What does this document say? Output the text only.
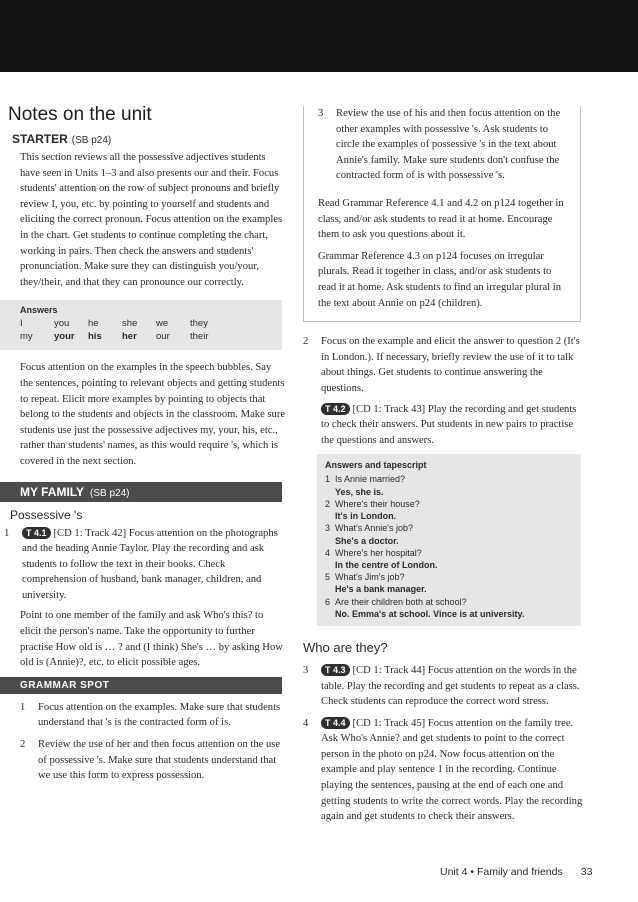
Notes on the unit
STARTER (SB p24)

This section reviews all the possessive adjectives students have seen in Units 1–3 and also presents our and their. Focus students' attention on the row of subject pronouns and briefly review I, you, etc. by pointing to yourself and students and eliciting the correct pronoun. Focus attention on the examples in the chart. Get students to continue completing the chart, working in pairs. Then check the answers and students' pronunciation. Make sure they can distinguish you/your, they/their, and that they can pronounce our correctly.

Answers
I	you	he	she	we	they
my	your	his	her	our	their

Focus attention on the examples in the speech bubbles. Say the sentences, pointing to relevant objects and getting students to repeat. Elicit more examples by pointing to objects that belong to the students and objects in the classroom. Make sure students use just the possessive adjectives my, your, his, etc., rather than students' names, as this would require 's, which is covered in the next section.

MY FAMILY (SB p24)
Possessive 's
1	T 4.1 [CD 1: Track 42] Focus attention on the photographs and the heading Annie Taylor. Play the recording and ask students to follow the text in their books. Check comprehension of husband, bank manager, children, and university.

Point to one member of the family and ask Who's this? to elicit the person's name. Take the opportunity to further practise How old is … ? and (I think) She's … by asking How old is (Annie)?, etc. to elicit possible ages.

GRAMMAR SPOT
1	Focus attention on the examples. Make sure that students understand that 's is the contracted form of is.

2	Review the use of her and then focus attention on the use of possessive 's. Make sure that students understand that we use this form to express possession.

3	Review the use of his and then focus attention on the other examples with possessive 's. Ask students to circle the examples of possessive 's in the text about Annie's family. Make sure students don't confuse the contracted form of is with possessive 's.

Read Grammar Reference 4.1 and 4.2 on p124 together in class, and/or ask students to read it at home. Encourage them to ask you questions about it.

Grammar Reference 4.3 on p124 focuses on irregular plurals. Read it together in class, and/or ask students to read it at home. Ask students to find an irregular plural in the text about Annie on p24 (children).

2	Focus on the example and elicit the answer to question 2 (It's in London.). If necessary, briefly review the use of it to talk about things. Get students to continue answering the questions.

T 4.2 [CD 1: Track 43] Play the recording and get students to check their answers. Put students in new pairs to practise the questions and answers.

Answers and tapescript
1 Is Annie married?
Yes, she is.
2 Where's their house?
It's in London.
3 What's Annie's job?
She's a doctor.
4 Where's her hospital?
In the centre of London.
5 What's Jim's job?
He's a bank manager.
6 Are their children both at school?
No. Emma's at school. Vince is at university.
Who are they?
3	T 4.3 [CD 1: Track 44] Focus attention on the words in the table. Play the recording and get students to repeat as a class. Check students can reproduce the correct word stress.

4	T 4.4 [CD 1: Track 45] Focus attention on the family tree. Ask Who's Annie? and get students to point to the correct person in the photo on p24. Now focus attention on the example and play sentence 1 in the recording. Continue playing the sentences, pausing at the end of each one and getting students to write the correct words. Play the recording again and get students to check their answers.

Unit 4 • Family and friends 33
